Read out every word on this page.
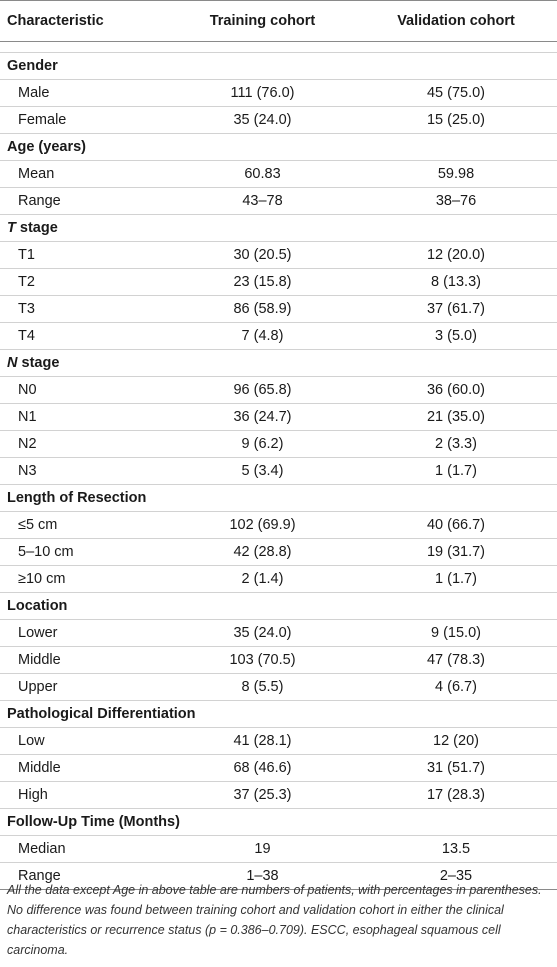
Characteristic	Training cohort	Validation cohort

Gender		
Male	111 (76.0)	45 (75.0)
Female	35 (24.0)	15 (25.0)
Age (years)		
Mean	60.83	59.98
Range	43–78	38–76
T stage		
T1	30 (20.5)	12 (20.0)
T2	23 (15.8)	8 (13.3)
T3	86 (58.9)	37 (61.7)
T4	7 (4.8)	3 (5.0)
N stage		
N0	96 (65.8)	36 (60.0)
N1	36 (24.7)	21 (35.0)
N2	9 (6.2)	2 (3.3)
N3	5 (3.4)	1 (1.7)
Length of Resection		
≤5 cm	102 (69.9)	40 (66.7)
5–10 cm	42 (28.8)	19 (31.7)
≥10 cm	2 (1.4)	1 (1.7)
Location		
Lower	35 (24.0)	9 (15.0)
Middle	103 (70.5)	47 (78.3)
Upper	8 (5.5)	4 (6.7)
Pathological Differentiation		
Low	41 (28.1)	12 (20)
Middle	68 (46.6)	31 (51.7)
High	37 (25.3)	17 (28.3)
Follow-Up Time (Months)		
Median	19	13.5
Range	1–38	2–35
All the data except Age in above table are numbers of patients, with percentages in parentheses. No difference was found between training cohort and validation cohort in either the clinical characteristics or recurrence status (p = 0.386–0.709). ESCC, esophageal squamous cell carcinoma.
